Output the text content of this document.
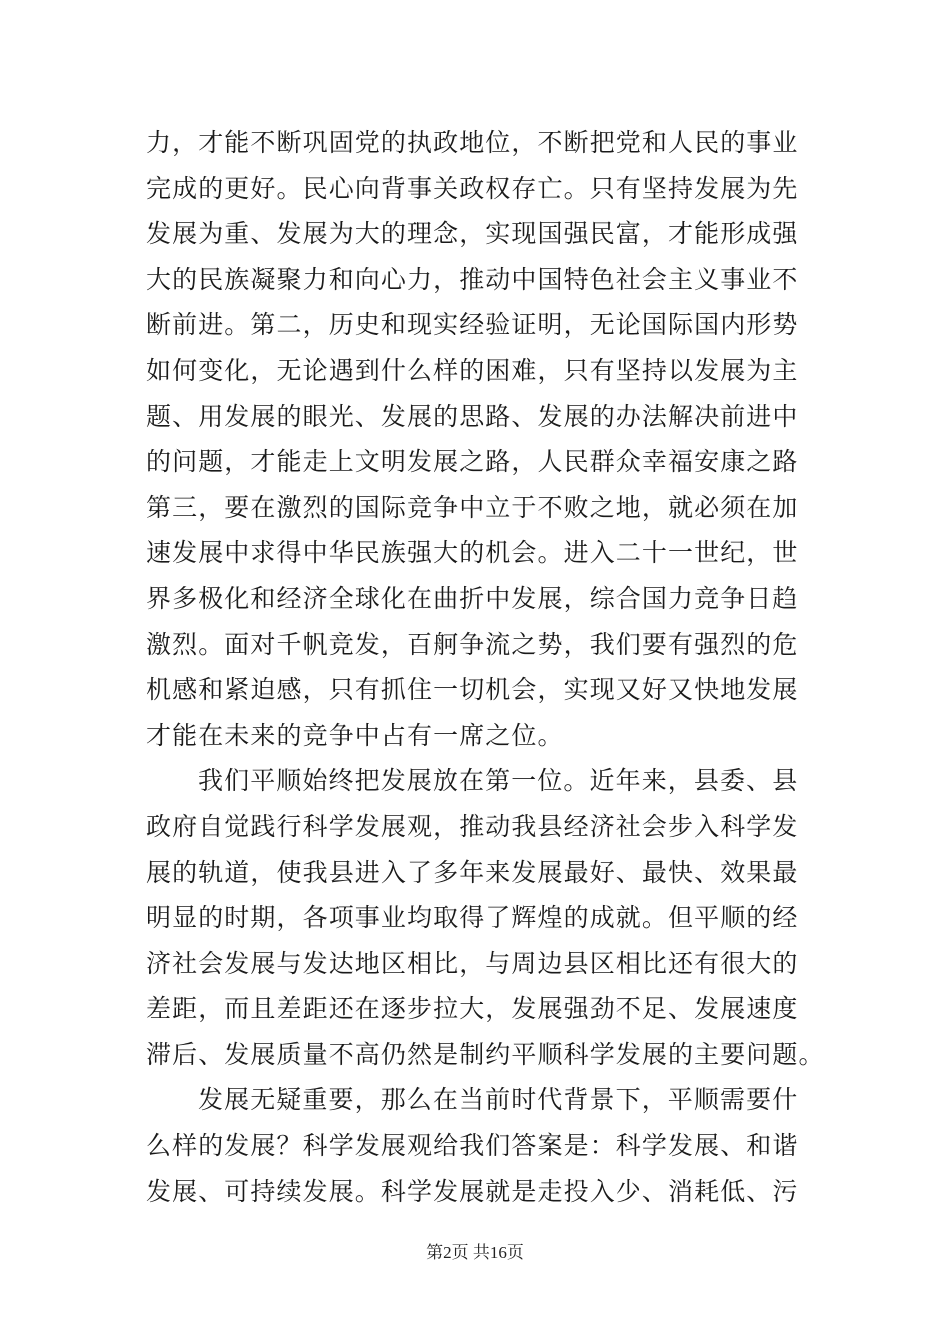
力，才能不断巩固党的执政地位，不断把党和人民的事业
完成的更好。民心向背事关政权存亡。只有坚持发展为先
发展为重、发展为大的理念，实现国强民富，才能形成强
大的民族凝聚力和向心力，推动中国特色社会主义事业不
断前进。第二，历史和现实经验证明，无论国际国内形势
如何变化，无论遇到什么样的困难，只有坚持以发展为主
题、用发展的眼光、发展的思路、发展的办法解决前进中
的问题，才能走上文明发展之路，人民群众幸福安康之路
第三，要在激烈的国际竞争中立于不败之地，就必须在加
速发展中求得中华民族强大的机会。进入二十一世纪，世
界多极化和经济全球化在曲折中发展，综合国力竞争日趋
激烈。面对千帆竞发，百舸争流之势，我们要有强烈的危
机感和紧迫感，只有抓住一切机会，实现又好又快地发展
才能在未来的竞争中占有一席之位。
我们平顺始终把发展放在第一位。近年来，县委、县
政府自觉践行科学发展观，推动我县经济社会步入科学发
展的轨道，使我县进入了多年来发展最好、最快、效果最
明显的时期，各项事业均取得了辉煌的成就。但平顺的经
济社会发展与发达地区相比，与周边县区相比还有很大的
差距，而且差距还在逐步拉大，发展强劲不足、发展速度
滞后、发展质量不高仍然是制约平顺科学发展的主要问题。
发展无疑重要，那么在当前时代背景下，平顺需要什
么样的发展？科学发展观给我们答案是：科学发展、和谐
发展、可持续发展。科学发展就是走投入少、消耗低、污
第2页 共16页
